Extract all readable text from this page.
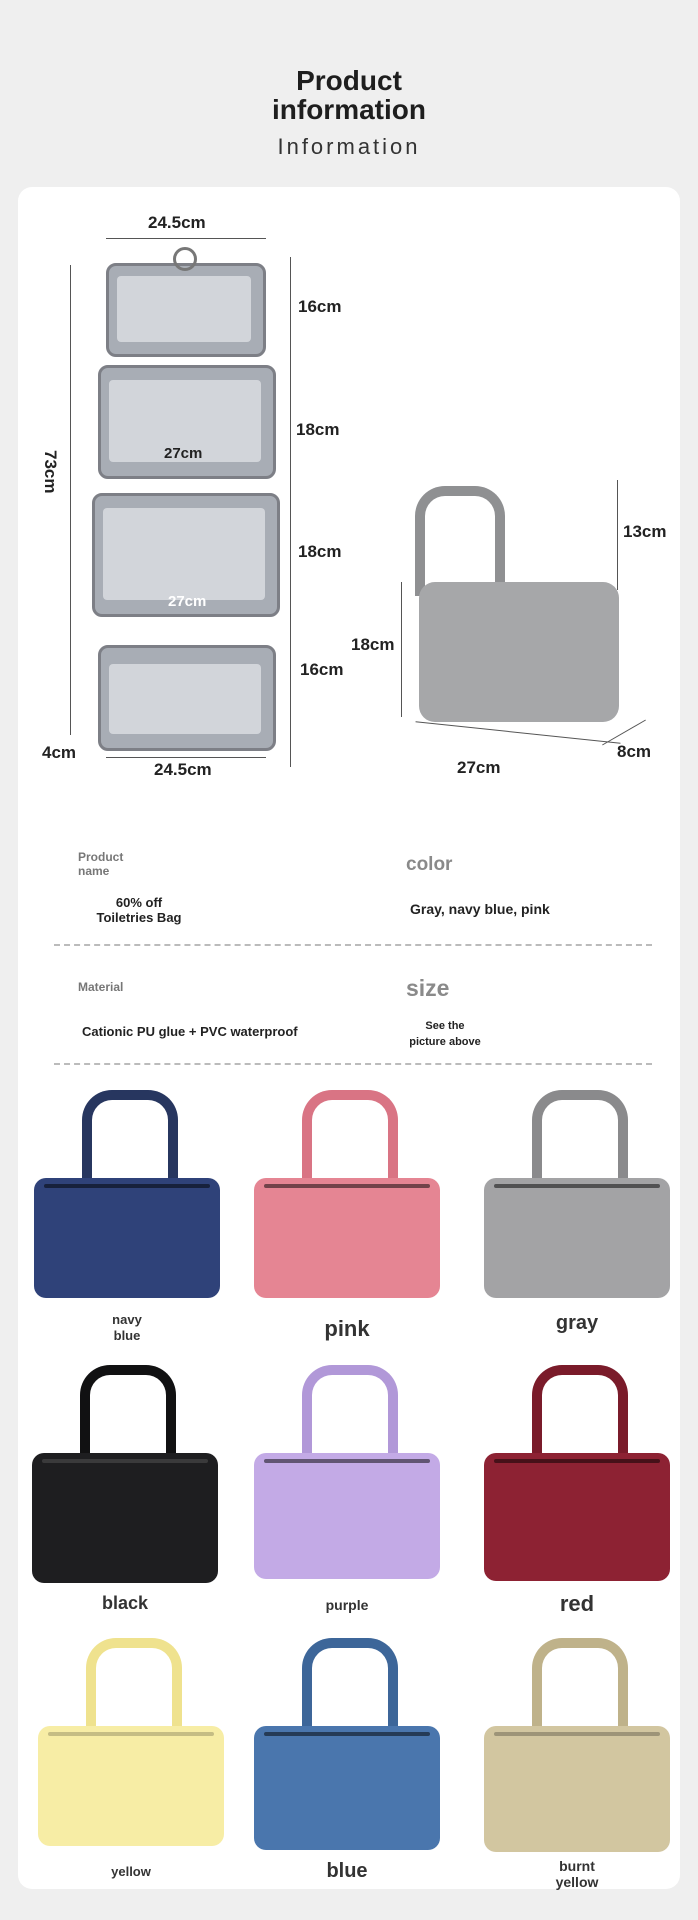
Product
information
Information
24.5cm
73cm
16cm
18cm
18cm
16cm
27cm
27cm
4cm
24.5cm
13cm
18cm
27cm
8cm
Product name
60% off
Toiletries Bag
color
Gray, navy blue, pink
Material
Cationic PU glue + PVC waterproof
size
See the
picture above
navy
blue	pink	gray
black	purple	red
yellow	blue	burnt
yellow
